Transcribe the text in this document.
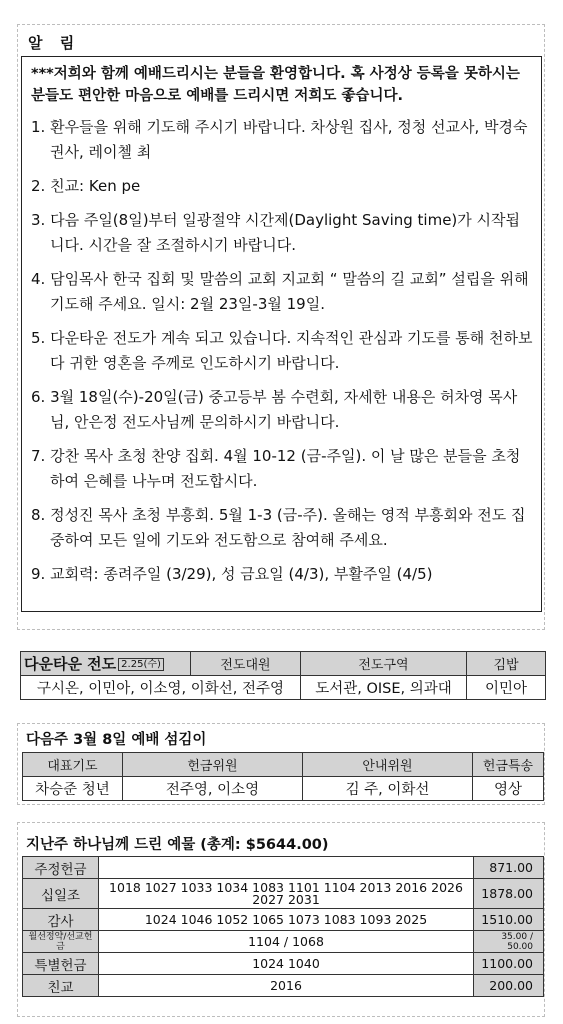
알 림
***저희와 함께 예배드리시는 분들을 환영합니다. 혹 사정상 등록을 못하시는 분들도 편안한 마음으로 예배를 드리시면 저희도 좋습니다.
1. 환우들을 위해 기도해 주시기 바랍니다. 차상원 집사, 정청 선교사, 박경숙 권사, 레이첼 최
2. 친교: Ken pe
3. 다음 주일(8일)부터 일광절약 시간제(Daylight Saving time)가 시작됩니다. 시간을 잘 조절하시기 바랍니다.
4. 담임목사 한국 집회 및 말씀의 교회 지교회 “ 말씀의 길 교회” 설립을 위해 기도해 주세요. 일시: 2월 23일-3월 19일.
5. 다운타운 전도가 계속 되고 있습니다. 지속적인 관심과 기도를 통해 천하보다 귀한 영혼을 주께로 인도하시기 바랍니다.
6. 3월 18일(수)-20일(금) 중고등부 봄 수련회, 자세한 내용은 허차영 목사님, 안은정 전도사님께 문의하시기 바랍니다.
7. 강찬 목사 초청 찬양 집회. 4월 10-12 (금-주일). 이 날 많은 분들을 초청하여 은혜를 나누며 전도합시다.
8. 정성진 목사 초청 부흥회. 5월 1-3 (금-주). 올해는 영적 부흥회와 전도 집중하여 모든 일에 기도와 전도함으로 참여해 주세요.
9. 교회력: 종려주일 (3/29), 성 금요일 (4/3), 부활주일 (4/5)
다운타운 전도 2.25(수)	전도대원	전도구역	김밥
구시온, 이민아, 이소영, 이화선, 전주영		도서관, OISE, 의과대	이민아
다음주 3월 8일 예배 섬김이
대표기도	헌금위원	안내위원	헌금특송
차승준 청년	전주영, 이소영	김 주, 이화선	영상
지난주 하나님께 드린 예물 (총계: $5644.00)
주정헌금		871.00
십일조	1018 1027 1033 1034 1083 1101 1104 2013 2016 2026 2027 2031	1878.00
감사	1024 1046 1052 1065 1073 1083 1093 2025	1510.00
월선정약/선교헌금	1104 / 1068	35.00 / 50.00
특별헌금	1024 1040	1100.00
친교	2016	200.00
